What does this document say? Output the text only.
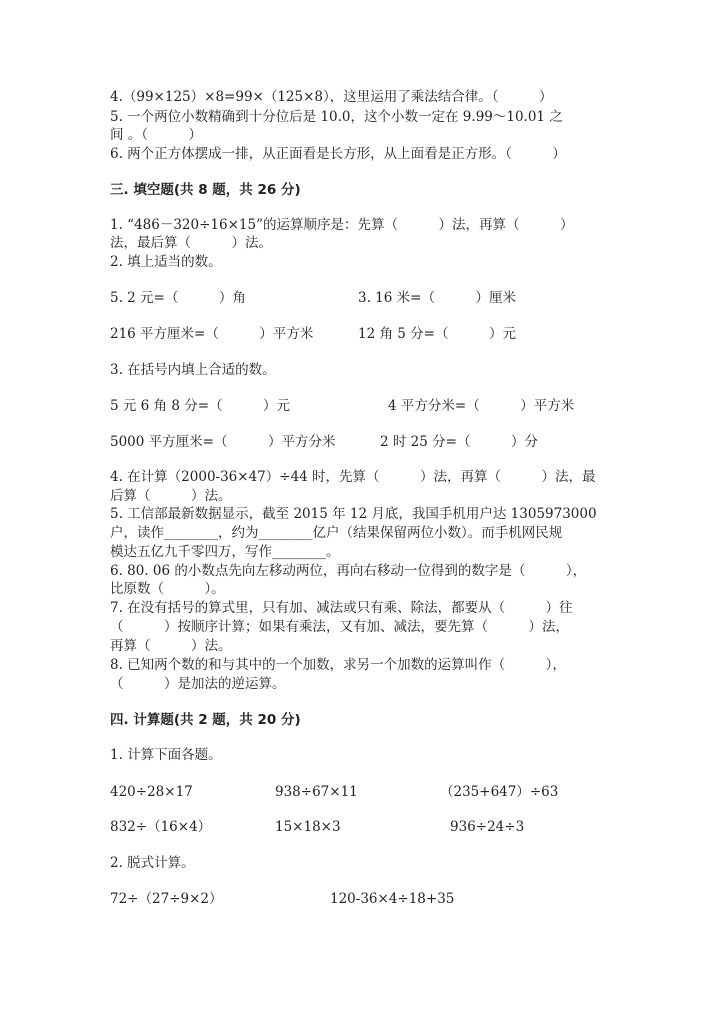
4.（99×125）×8=99×（125×8），这里运用了乘法结合律。（　　　）
5. 一个两位小数精确到十分位后是 10.0，这个小数一定在 9.99～10.01 之
间 。（　　　）
6. 两个正方体摆成一排，从正面看是长方形，从上面看是正方形。（　　　）
三. 填空题(共 8 题，共 26 分)
1. “486－320÷16×15”的运算顺序是：先算（　　　）法，再算（　　　）
法，最后算（　　　）法。
2. 填上适当的数。
5. 2 元=（　　　）角	3. 16 米=（　　　）厘米
216 平方厘米=（　　　）平方米	12 角 5 分=（　　　）元
3. 在括号内填上合适的数。
5 元 6 角 8 分=（　　　）元	4 平方分米=（　　　）平方米
5000 平方厘米=（　　　）平方分米	2 时 25 分=（　　　）分
4. 在计算（2000-36×47）÷44 时，先算（　　　）法，再算（　　　）法，最
后算（　　　）法。
5. 工信部最新数据显示，截至 2015 年 12 月底，我国手机用户达 1305973000
户，读作________，约为________亿户（结果保留两位小数）。而手机网民规
模达五亿九千零四万，写作________。
6. 80. 06 的小数点先向左移动两位，再向右移动一位得到的数字是（　　　），
比原数（　　　）。
7. 在没有括号的算式里，只有加、减法或只有乘、除法，都要从（　　　）往
（　　　）按顺序计算；如果有乘法，又有加、减法，要先算（　　　）法，
再算（　　　）法。
8. 已知两个数的和与其中的一个加数，求另一个加数的运算叫作（　　　），
（　　　）是加法的逆运算。
四. 计算题(共 2 题，共 20 分)
1. 计算下面各题。
420÷28×17	938÷67×11	（235+647）÷63
832÷（16×4）	15×18×3	936÷24÷3
2. 脱式计算。
72÷（27÷9×2）	120-36×4÷18+35
